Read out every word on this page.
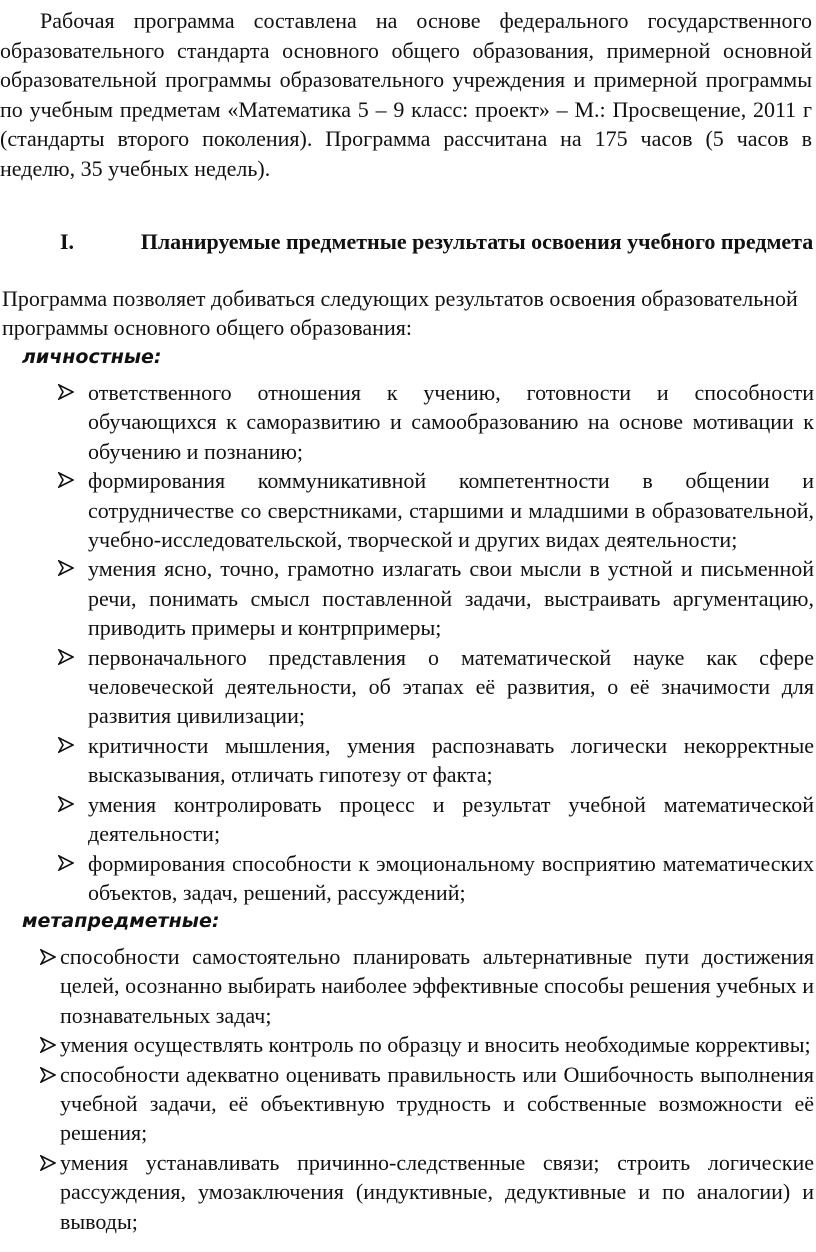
Рабочая программа составлена на основе федерального государственного образовательного стандарта основного общего образования, примерной основной образовательной программы образовательного учреждения и примерной программы по учебным предметам «Математика 5 – 9 класс: проект» – М.: Просвещение, 2011 г (стандарты второго поколения). Программа рассчитана на 175 часов (5 часов в неделю, 35 учебных недель).

I.	Планируемые предметные результаты освоения учебного предмета

Программа позволяет добиваться следующих результатов освоения образовательной программы основного общего образования:

личностные:

ответственного отношения к учению, готовности и способности обучающихся к саморазвитию и самообразованию на основе мотивации к обучению и познанию;
формирования коммуникативной компетентности в общении и сотрудничестве со сверстниками, старшими и младшими в образовательной, учебно-исследовательской, творческой и других видах деятельности;
умения ясно, точно, грамотно излагать свои мысли в устной и письменной речи, понимать смысл поставленной задачи, выстраивать аргументацию, приводить примеры и контрпримеры;
первоначального представления о математической науке как сфере человеческой деятельности, об этапах её развития, о её значимости для развития цивилизации;
критичности мышления, умения распознавать логически некорректные высказывания, отличать гипотезу от факта;
умения контролировать процесс и результат учебной математической деятельности;
формирования способности к эмоциональному восприятию математических объектов, задач, решений, рассуждений;

метапредметные:

способности самостоятельно планировать альтернативные пути достижения целей, осознанно выбирать наиболее эффективные способы решения учебных и познавательных задач;
умения осуществлять контроль по образцу и вносить необходимые коррективы;
способности адекватно оценивать правильность или Ошибочность выполнения учебной задачи, её объективную трудность и собственные возможности её решения;
умения устанавливать причинно-следственные связи; строить логические рассуждения, умозаключения (индуктивные, дедуктивные и по аналогии) и выводы;
